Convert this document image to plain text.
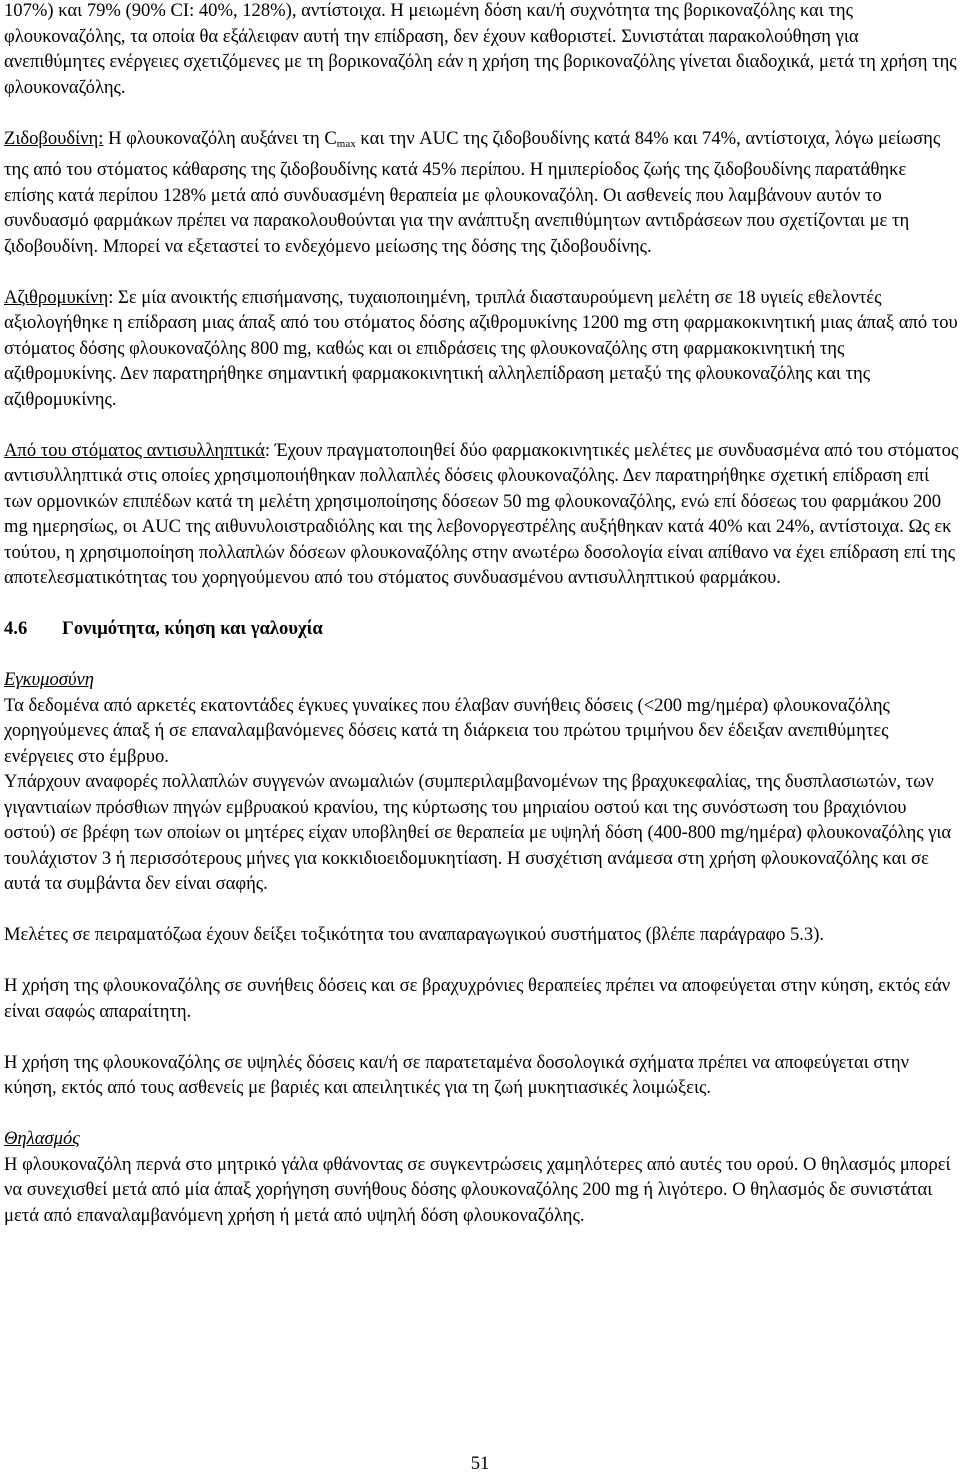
107%) και 79% (90% CI: 40%, 128%), αντίστοιχα. Η μειωμένη δόση και/ή συχνότητα της βορικοναζόλης και της φλουκοναζόλης, τα οποία θα εξάλειφαν αυτή την επίδραση, δεν έχουν καθοριστεί. Συνιστάται παρακολούθηση για ανεπιθύμητες ενέργειες σχετιζόμενες με τη βορικοναζόλη εάν η χρήση της βορικοναζόλης γίνεται διαδοχικά, μετά τη χρήση της φλουκοναζόλης.

Ζιδοβουδίνη: Η φλουκοναζόλη αυξάνει τη $C_{max}$ και την AUC της ζιδοβουδίνης κατά 84% και 74%, αντίστοιχα, λόγω μείωσης της από του στόματος κάθαρσης της ζιδοβουδίνης κατά 45% περίπου. Η ημιπερίοδος ζωής της ζιδοβουδίνης παρατάθηκε επίσης κατά περίπου 128% μετά από συνδυασμένη θεραπεία με φλουκοναζόλη. Οι ασθενείς που λαμβάνουν αυτόν το συνδυασμό φαρμάκων πρέπει να παρακολουθούνται για την ανάπτυξη ανεπιθύμητων αντιδράσεων που σχετίζονται με τη ζιδοβουδίνη. Μπορεί να εξεταστεί το ενδεχόμενο μείωσης της δόσης της ζιδοβουδίνης.

Αζιθρομυκίνη: Σε μία ανοικτής επισήμανσης, τυχαιοποιημένη, τριπλά διασταυρούμενη μελέτη σε 18 υγιείς εθελοντές αξιολογήθηκε η επίδραση μιας άπαξ από του στόματος δόσης αζιθρομυκίνης 1200 mg στη φαρμακοκινητική μιας άπαξ από του στόματος δόσης φλουκοναζόλης 800 mg, καθώς και οι επιδράσεις της φλουκοναζόλης στη φαρμακοκινητική της αζιθρομυκίνης. Δεν παρατηρήθηκε σημαντική φαρμακοκινητική αλληλεπίδραση μεταξύ της φλουκοναζόλης και της αζιθρομυκίνης.

Από του στόματος αντισυλληπτικά: Έχουν πραγματοποιηθεί δύο φαρμακοκινητικές μελέτες με συνδυασμένα από του στόματος αντισυλληπτικά στις οποίες χρησιμοποιήθηκαν πολλαπλές δόσεις φλουκοναζόλης. Δεν παρατηρήθηκε σχετική επίδραση επί των ορμονικών επιπέδων κατά τη μελέτη χρησιμοποίησης δόσεων 50 mg φλουκοναζόλης, ενώ επί δόσεως του φαρμάκου 200 mg ημερησίως, οι AUC της αιθυνυλοιστραδιόλης και της λεβονοργεστρέλης αυξήθηκαν κατά 40% και 24%, αντίστοιχα. Ως εκ τούτου, η χρησιμοποίηση πολλαπλών δόσεων φλουκοναζόλης στην ανωτέρω δοσολογία είναι απίθανο να έχει επίδραση επί της αποτελεσματικότητας του χορηγούμενου από του στόματος συνδυασμένου αντισυλληπτικού φαρμάκου.

4.6 Γονιμότητα, κύηση και γαλουχία

Εγκυμοσύνη

Τα δεδομένα από αρκετές εκατοντάδες έγκυες γυναίκες που έλαβαν συνήθεις δόσεις (<200 mg/ημέρα) φλουκοναζόλης χορηγούμενες άπαξ ή σε επαναλαμβανόμενες δόσεις κατά τη διάρκεια του πρώτου τριμήνου δεν έδειξαν ανεπιθύμητες ενέργειες στο έμβρυο.

Υπάρχουν αναφορές πολλαπλών συγγενών ανωμαλιών (συμπεριλαμβανομένων της βραχυκεφαλίας, της δυσπλασιωτών, των γιγαντιαίων πρόσθιων πηγών εμβρυακού κρανίου, της κύρτωσης του μηριαίου οστού και της συνόστωση του βραχιόνιου οστού) σε βρέφη των οποίων οι μητέρες είχαν υποβληθεί σε θεραπεία με υψηλή δόση (400-800 mg/ημέρα) φλουκοναζόλης για τουλάχιστον 3 ή περισσότερους μήνες για κοκκιδιοειδομυκητίαση. Η συσχέτιση ανάμεσα στη χρήση φλουκοναζόλης και σε αυτά τα συμβάντα δεν είναι σαφής.

Μελέτες σε πειραματόζωα έχουν δείξει τοξικότητα του αναπαραγωγικού συστήματος (βλέπε παράγραφο 5.3).

Η χρήση της φλουκοναζόλης σε συνήθεις δόσεις και σε βραχυχρόνιες θεραπείες πρέπει να αποφεύγεται στην κύηση, εκτός εάν είναι σαφώς απαραίτητη.

Η χρήση της φλουκοναζόλης σε υψηλές δόσεις και/ή σε παρατεταμένα δοσολογικά σχήματα πρέπει να αποφεύγεται στην κύηση, εκτός από τους ασθενείς με βαριές και απειλητικές για τη ζωή μυκητιασικές λοιμώξεις.

Θηλασμός

Η φλουκοναζόλη περνά στο μητρικό γάλα φθάνοντας σε συγκεντρώσεις χαμηλότερες από αυτές του ορού. Ο θηλασμός μπορεί να συνεχισθεί μετά από μία άπαξ χορήγηση συνήθους δόσης φλουκοναζόλης 200 mg ή λιγότερο. Ο θηλασμός δε συνιστάται μετά από επαναλαμβανόμενη χρήση ή μετά από υψηλή δόση φλουκοναζόλης.

51
